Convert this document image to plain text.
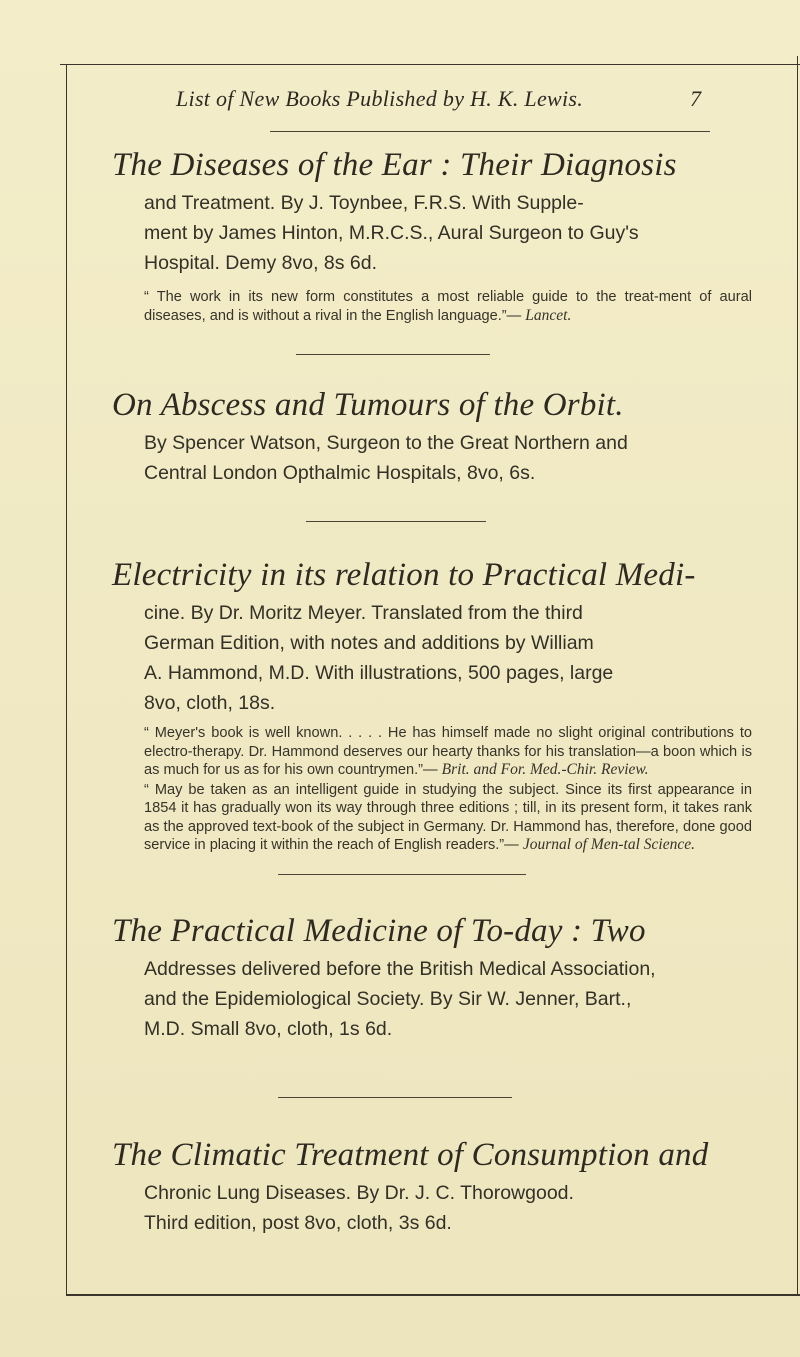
List of New Books Published by H. K. Lewis.	7

The Diseases of the Ear : Their Diagnosis

and Treatment. By J. Toynbee, F.R.S. With Supple-
ment by James Hinton, M.R.C.S., Aural Surgeon to Guy's
Hospital. Demy 8vo, 8s 6d.
“ The work in its new form constitutes a most reliable guide to the treat-ment of aural diseases, and is without a rival in the English language.”— Lancet.

On Abscess and Tumours of the Orbit.

By Spencer Watson, Surgeon to the Great Northern and
Central London Opthalmic Hospitals, 8vo, 6s.

Electricity in its relation to Practical Medi-

cine. By Dr. Moritz Meyer. Translated from the third
German Edition, with notes and additions by William
A. Hammond, M.D. With illustrations, 500 pages, large
8vo, cloth, 18s.
“ Meyer's book is well known. . . . . He has himself made no slight original contributions to electro-therapy. Dr. Hammond deserves our hearty thanks for his translation—a boon which is as much for us as for his own countrymen.”— Brit. and For. Med.-Chir. Review.
“ May be taken as an intelligent guide in studying the subject. Since its first appearance in 1854 it has gradually won its way through three editions ; till, in its present form, it takes rank as the approved text-book of the subject in Germany. Dr. Hammond has, therefore, done good service in placing it within the reach of English readers.”— Journal of Men-tal Science.

The Practical Medicine of To-day : Two

Addresses delivered before the British Medical Association,
and the Epidemiological Society. By Sir W. Jenner, Bart.,
M.D. Small 8vo, cloth, 1s 6d.

The Climatic Treatment of Consumption and

Chronic Lung Diseases. By Dr. J. C. Thorowgood.
Third edition, post 8vo, cloth, 3s 6d.
